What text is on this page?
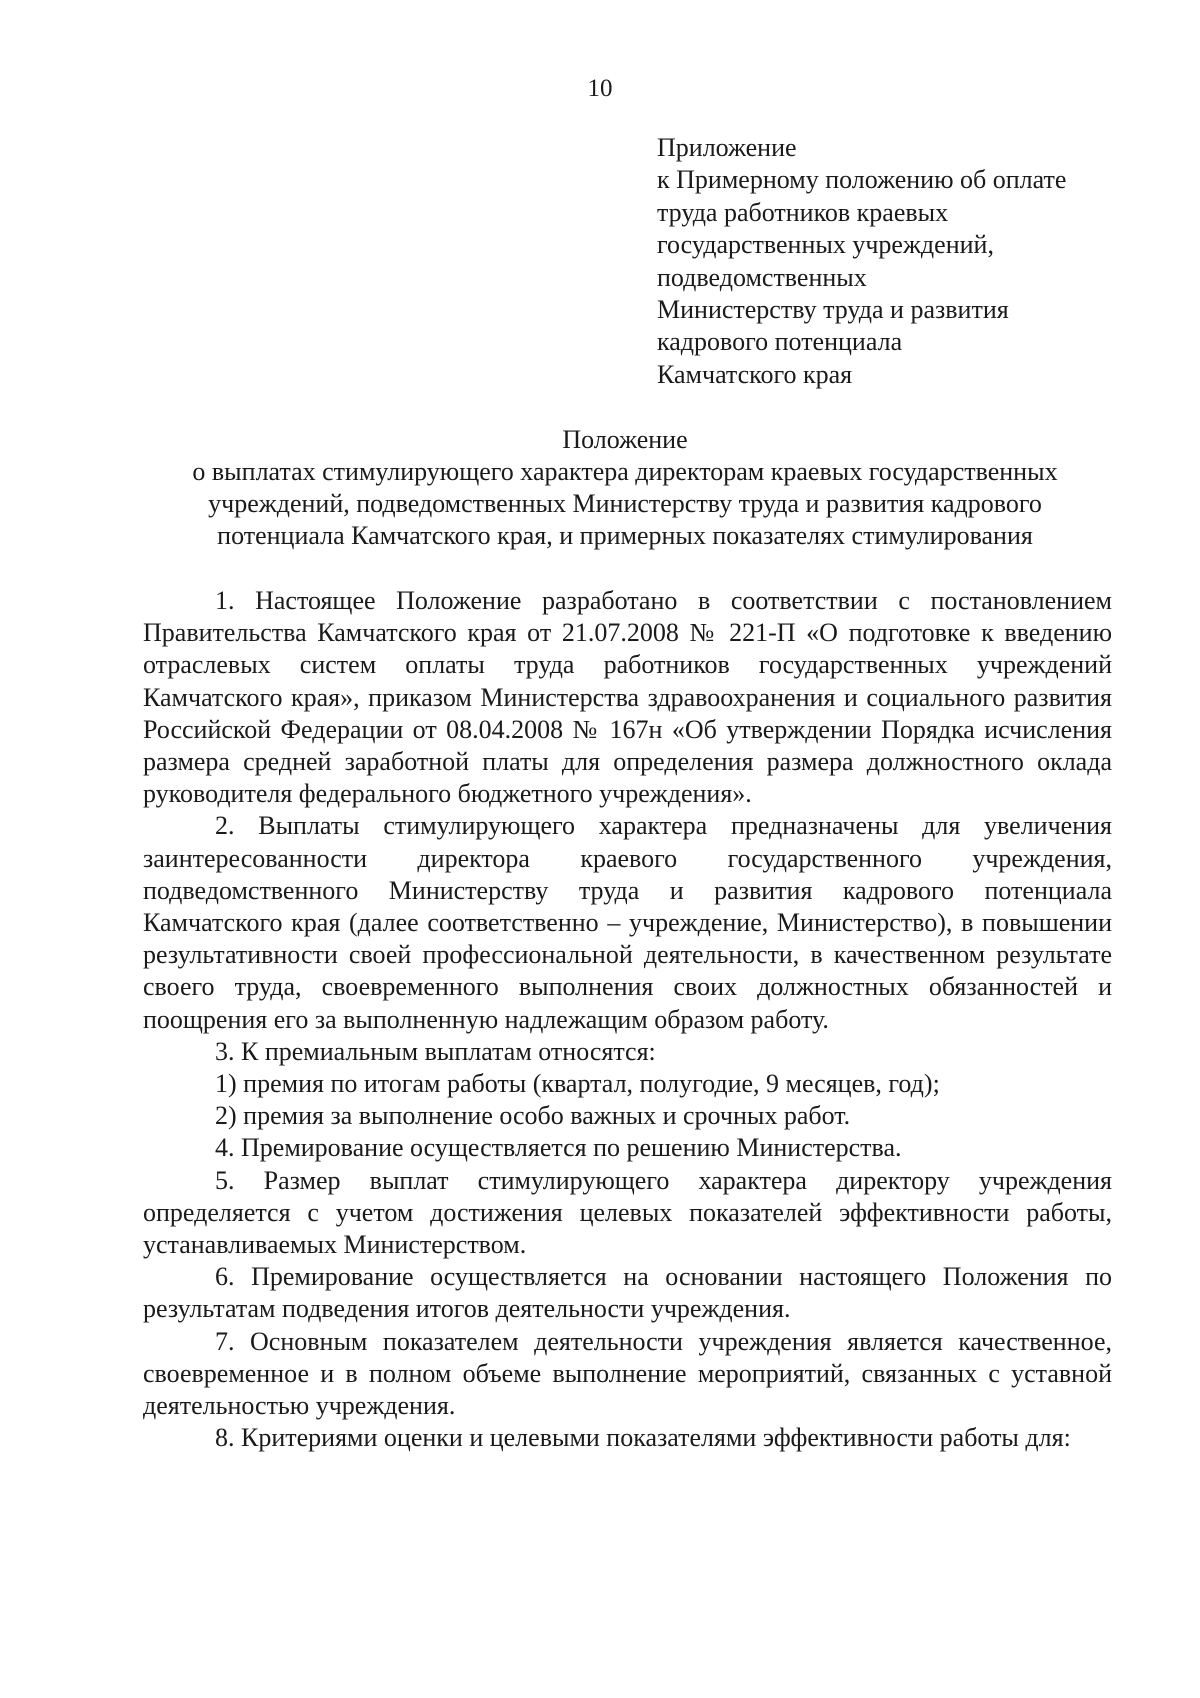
10
Приложение
к Примерному положению об оплате
труда работников краевых
государственных учреждений,
подведомственных
Министерству труда и развития
кадрового потенциала
Камчатского края
Положение
о выплатах стимулирующего характера директорам краевых государственных
учреждений, подведомственных Министерству труда и развития кадрового
потенциала Камчатского края, и примерных показателях стимулирования

1. Настоящее Положение разработано в соответствии с постановлением Правительства Камчатского края от 21.07.2008 № 221-П «О подготовке к введению отраслевых систем оплаты труда работников государственных учреждений Камчатского края», приказом Министерства здравоохранения и социального развития Российской Федерации от 08.04.2008 № 167н «Об утверждении Порядка исчисления размера средней заработной платы для определения размера должностного оклада руководителя федерального бюджетного учреждения».

2. Выплаты стимулирующего характера предназначены для увеличения заинтересованности директора краевого государственного учреждения, подведомственного Министерству труда и развития кадрового потенциала Камчатского края (далее соответственно – учреждение, Министерство), в повышении результативности своей профессиональной деятельности, в качественном результате своего труда, своевременного выполнения своих должностных обязанностей и поощрения его за выполненную надлежащим образом работу.

3. К премиальным выплатам относятся:

1) премия по итогам работы (квартал, полугодие, 9 месяцев, год);

2) премия за выполнение особо важных и срочных работ.

4. Премирование осуществляется по решению Министерства.

5. Размер выплат стимулирующего характера директору учреждения определяется с учетом достижения целевых показателей эффективности работы, устанавливаемых Министерством.

6. Премирование осуществляется на основании настоящего Положения по результатам подведения итогов деятельности учреждения.

7. Основным показателем деятельности учреждения является качественное, своевременное и в полном объеме выполнение мероприятий, связанных с уставной деятельностью учреждения.

8. Критериями оценки и целевыми показателями эффективности работы для:
